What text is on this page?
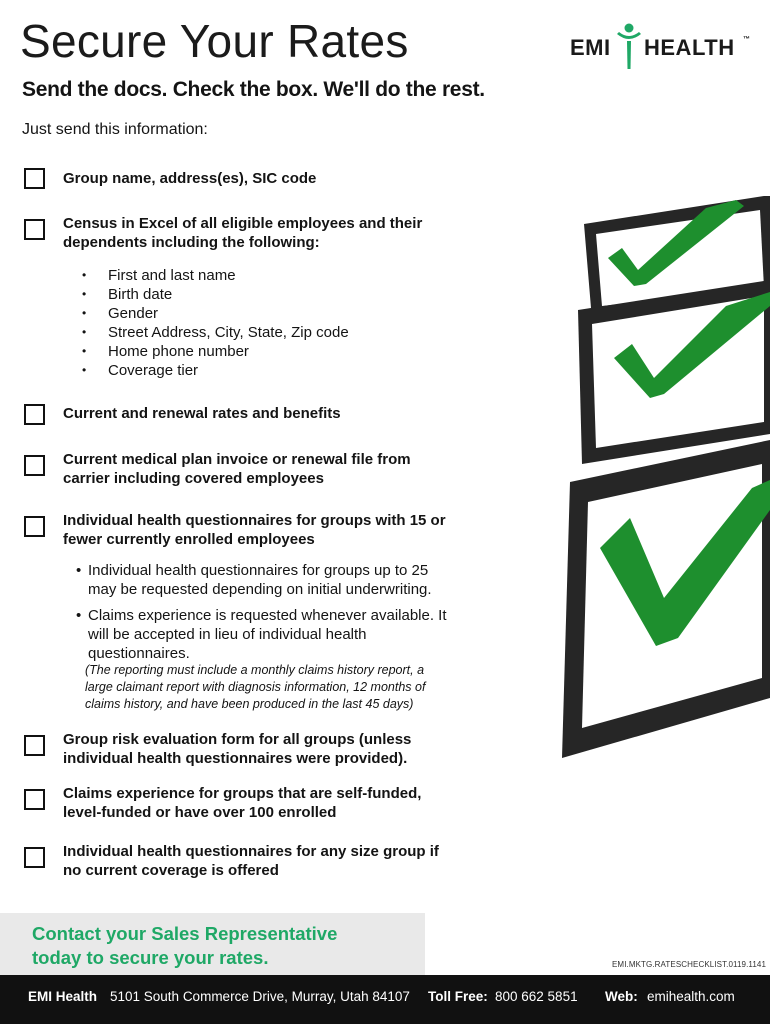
Secure Your Rates	EMI HEALTH ™
Send the docs. Check the box. We'll do the rest.
Just send this information:
Group name, address(es), SIC code
Census in Excel of all eligible employees and their
dependents including the following:
• First and last name
• Birth date
• Gender
• Street Address, City, State, Zip code
• Home phone number
• Coverage tier
Current and renewal rates and benefits
Current medical plan invoice or renewal file from
carrier including covered employees
Individual health questionnaires for groups with 15 or
fewer currently enrolled employees
• Individual health questionnaires for groups up to 25
may be requested depending on initial underwriting.
• Claims experience is requested whenever available. It
will be accepted in lieu of individual health
questionnaires.
(The reporting must include a monthly claims history report, a
large claimant report with diagnosis information, 12 months of
claims history, and have been produced in the last 45 days)
Group risk evaluation form for all groups (unless
individual health questionnaires were provided).
Claims experience for groups that are self-funded,
level-funded or have over 100 enrolled
Individual health questionnaires for any size group if
no current coverage is offered
Contact your Sales Representative
today to secure your rates.	EMI.MKTG.RATESCHECKLIST.0119.1141
EMI Health 5101 South Commerce Drive, Murray, Utah 84107 Toll Free: 800 662 5851 Web: emihealth.com
